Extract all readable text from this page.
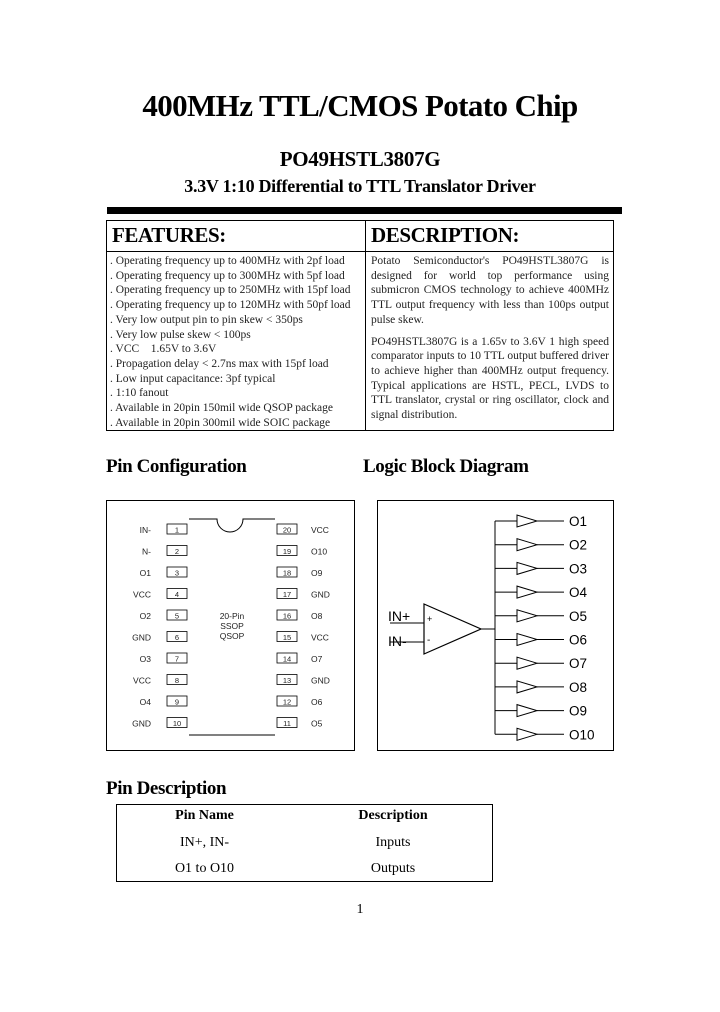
400MHz TTL/CMOS Potato Chip
PO49HSTL3807G
3.3V 1:10 Differential to TTL Translator Driver
FEATURES:	DESCRIPTION:
. Operating frequency up to 400MHz with 2pf load
. Operating frequency up to 300MHz with 5pf load
. Operating frequency up to 250MHz with 15pf load
. Operating frequency up to 120MHz with 50pf load
. Very low output pin to pin skew < 350ps
. Very low pulse skew < 100ps
. VCC    1.65V to 3.6V
. Propagation delay < 2.7ns max with 15pf load
. Low input capacitance: 3pf typical
. 1:10 fanout
. Available in 20pin 150mil wide QSOP package
. Available in 20pin 300mil wide SOIC package

Potato Semiconductor's PO49HSTL3807G is designed for world top performance using submicron CMOS technology to achieve 400MHz TTL output frequency with less than 100ps output pulse skew.

PO49HSTL3807G is a 1.65v to 3.6V 1 high speed comparator inputs to 10 TTL output buffered driver to achieve higher than 400MHz output frequency. Typical applications are HSTL, PECL, LVDS to TTL translator, crystal or ring oscillator, clock and signal distribution.

Pin Configuration	Logic Block Diagram
IN-	1
N-	2
O1	3
VCC	4
O2	5
GND	6
O3	7
VCC	8
O4	9
GND	10
20 VCC
19 O10
18 O9
17 GND
16 O8
15 VCC
14 O7
13 GND
12 O6
11 O5
20-Pin
SSOP
QSOP
+
-
IN+
IN-
O1
O2
O3
O4
O5
O6
O7
O8
O9
O10
Pin Description
Pin Name	Description
IN+, IN-	Inputs
O1 to O10	Outputs
1
